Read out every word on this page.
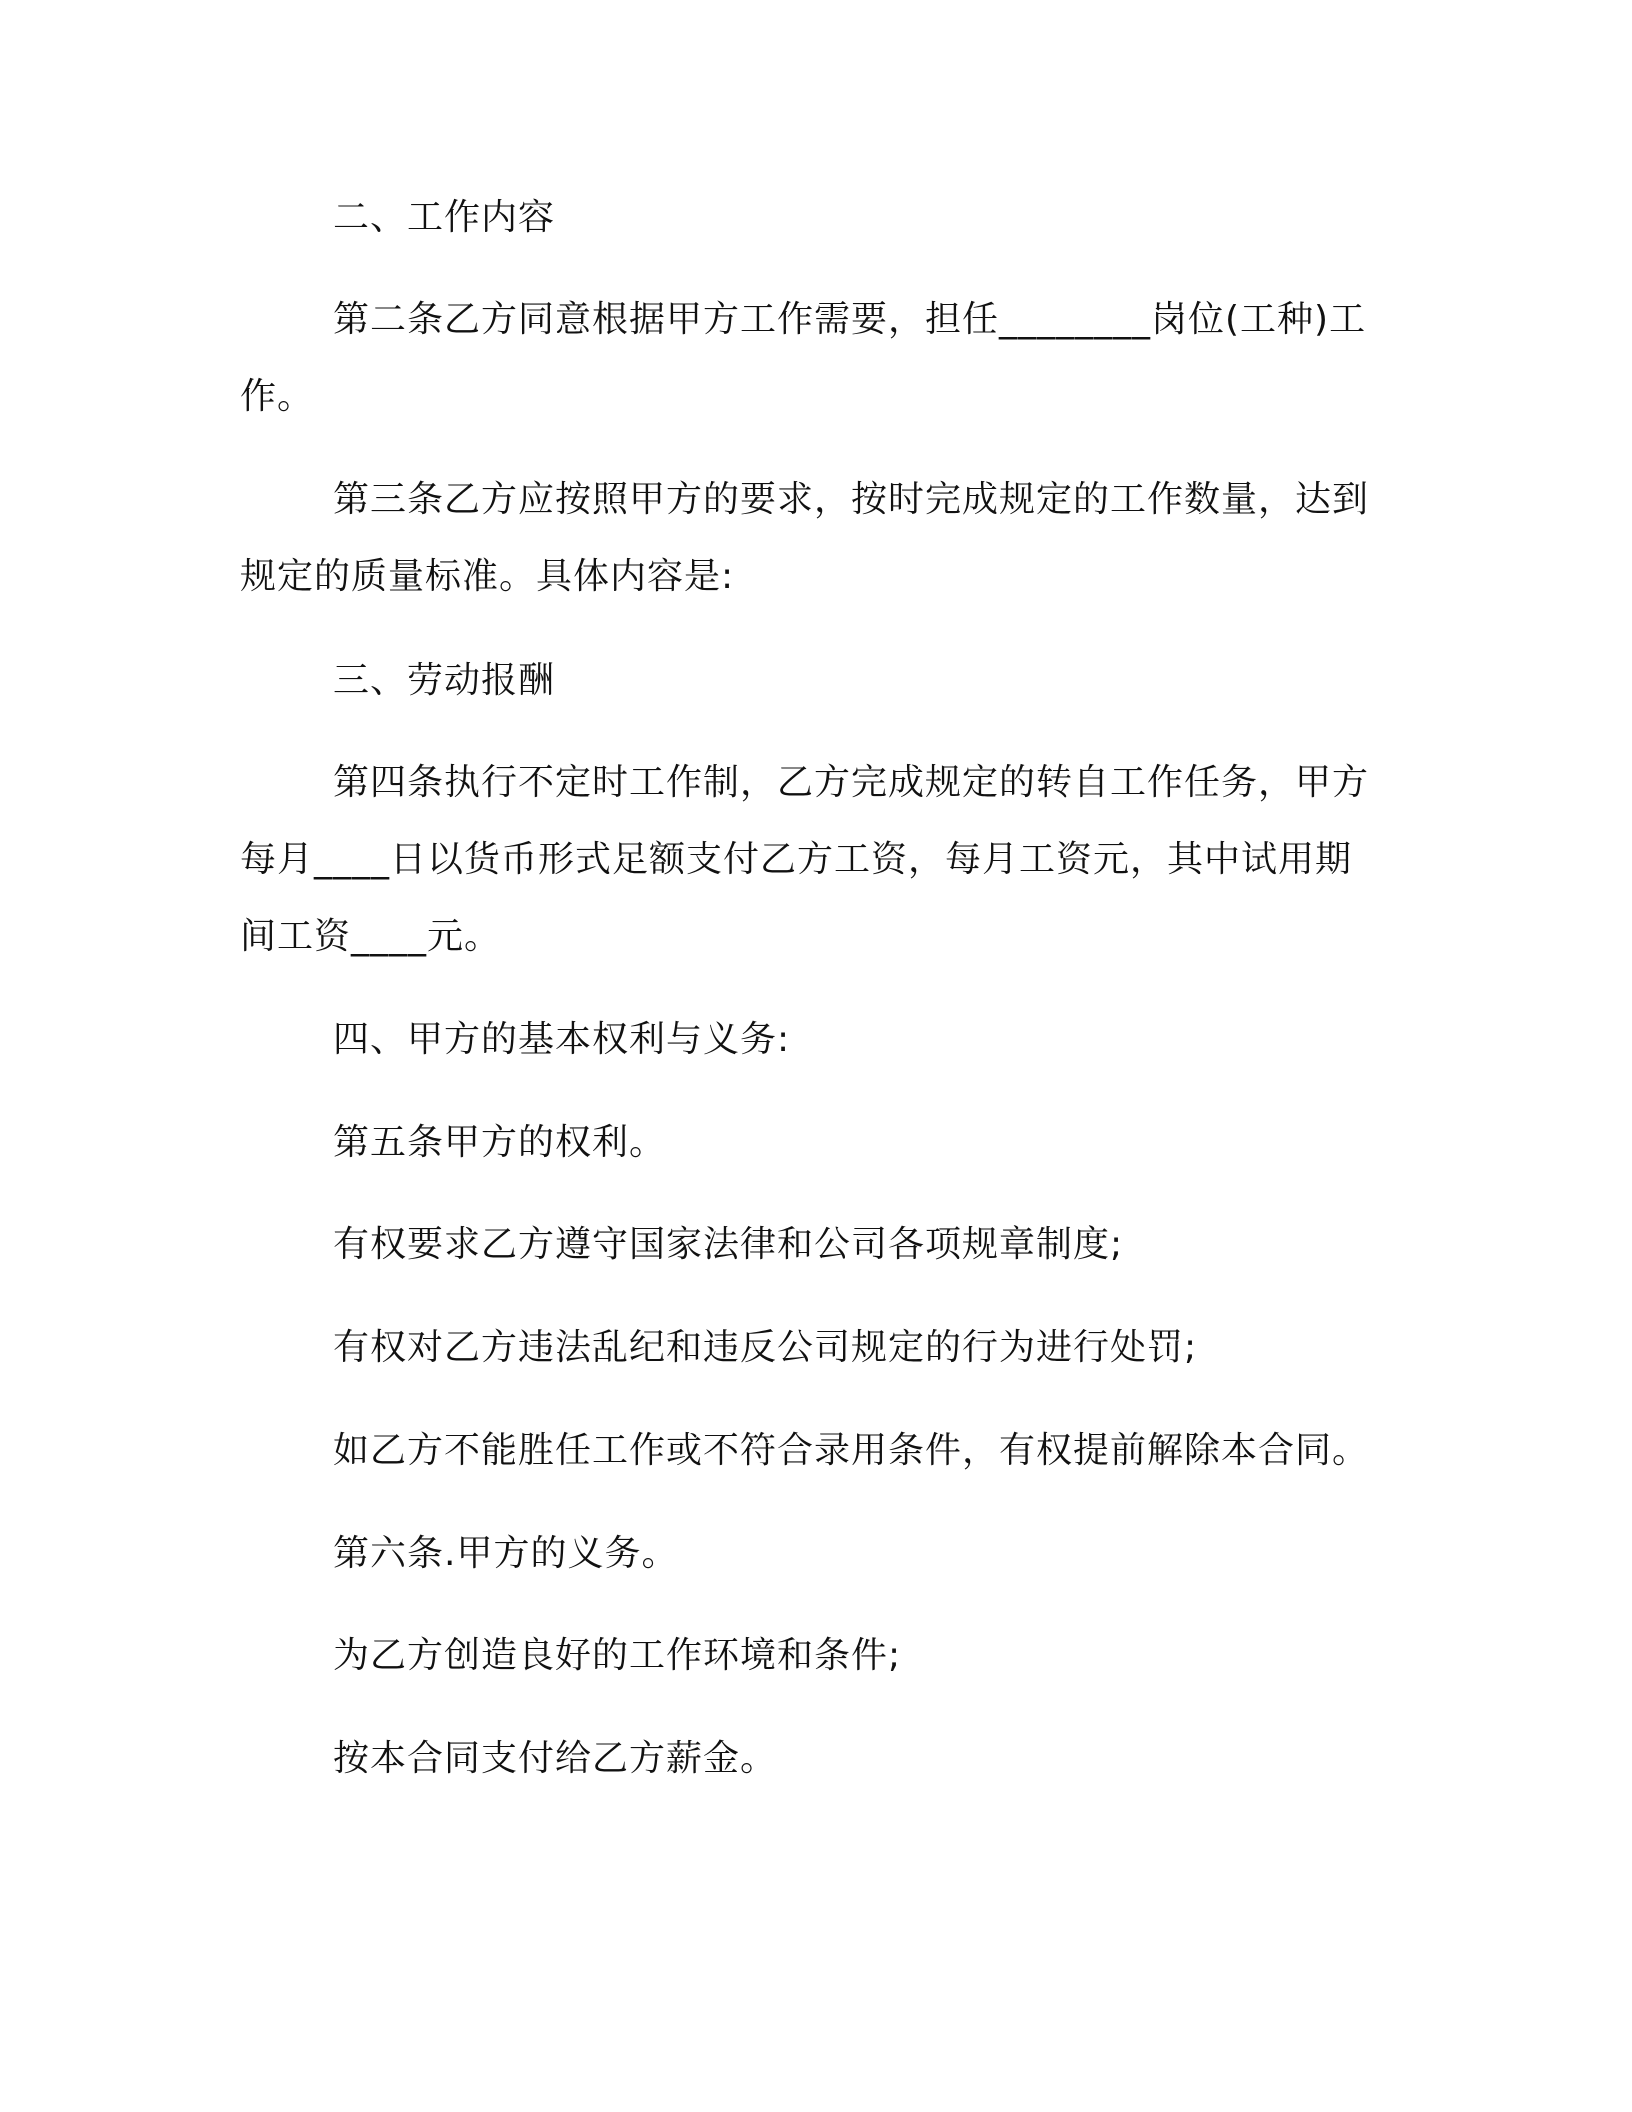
二、工作内容
第二条乙方同意根据甲方工作需要，担任________岗位(工种)工
作。
第三条乙方应按照甲方的要求，按时完成规定的工作数量，达到
规定的质量标准。具体内容是:
三、劳动报酬
第四条执行不定时工作制，乙方完成规定的转自工作任务，甲方
每月____日以货币形式足额支付乙方工资，每月工资元，其中试用期
间工资____元。
四、甲方的基本权利与义务:
第五条甲方的权利。
有权要求乙方遵守国家法律和公司各项规章制度;
有权对乙方违法乱纪和违反公司规定的行为进行处罚;
如乙方不能胜任工作或不符合录用条件，有权提前解除本合同。
第六条.甲方的义务。
为乙方创造良好的工作环境和条件;
按本合同支付给乙方薪金。
